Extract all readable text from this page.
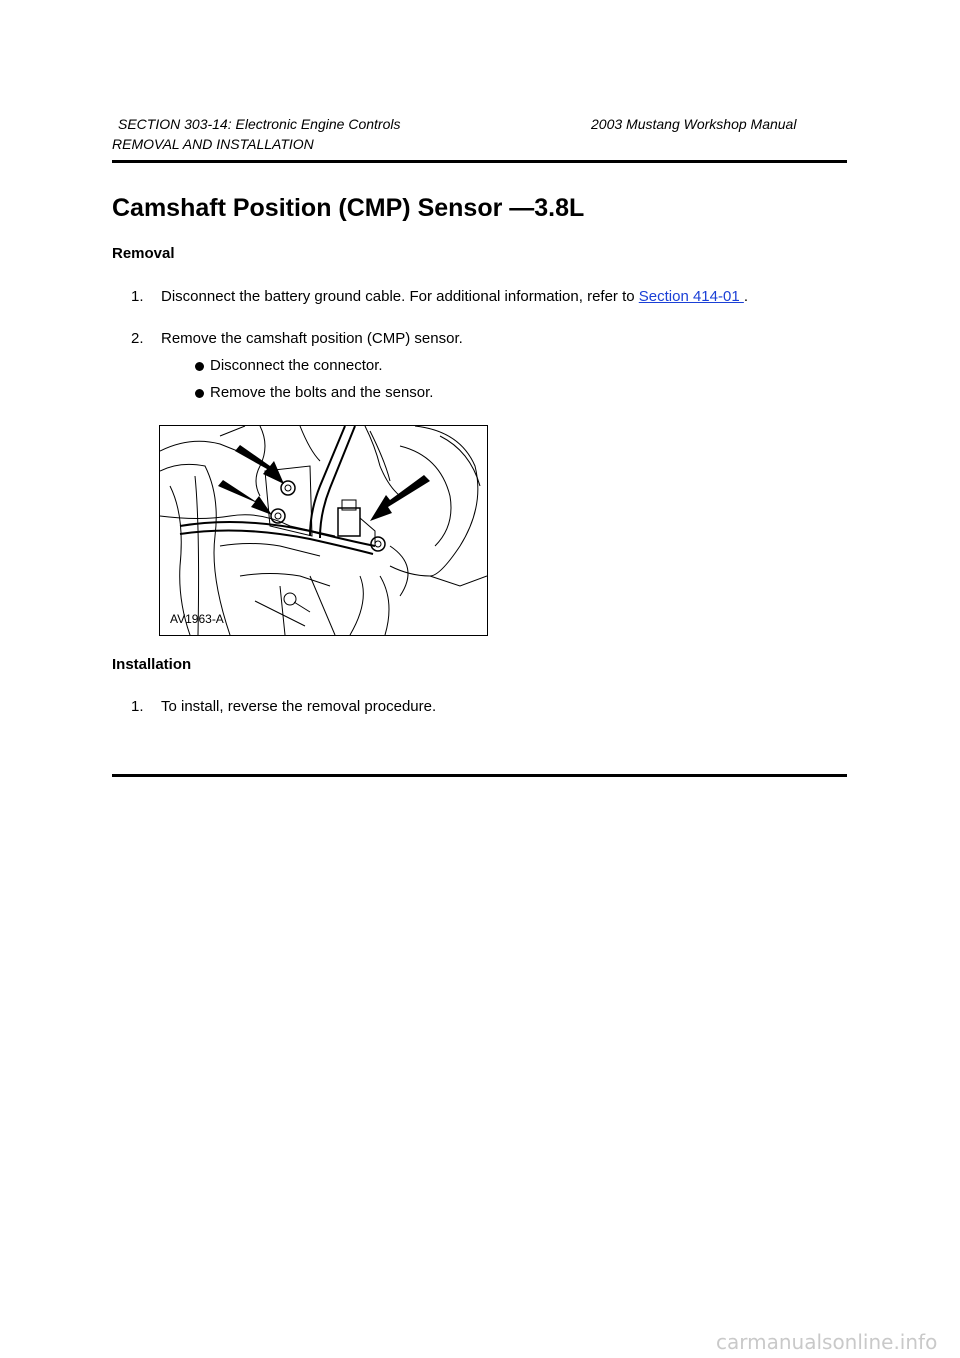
SECTION 303-14: Electronic Engine Controls	2003 Mustang Workshop Manual
REMOVAL AND INSTALLATION
Camshaft Position (CMP) Sensor —3.8L
Removal
1. Disconnect the battery ground cable. For additional information, refer to Section 414-01 .
2. Remove the camshaft position (CMP) sensor.
Disconnect the connector.
Remove the bolts and the sensor.
AV1963-A
Installation
1. To install, reverse the removal procedure.
carmanualsonline.info
